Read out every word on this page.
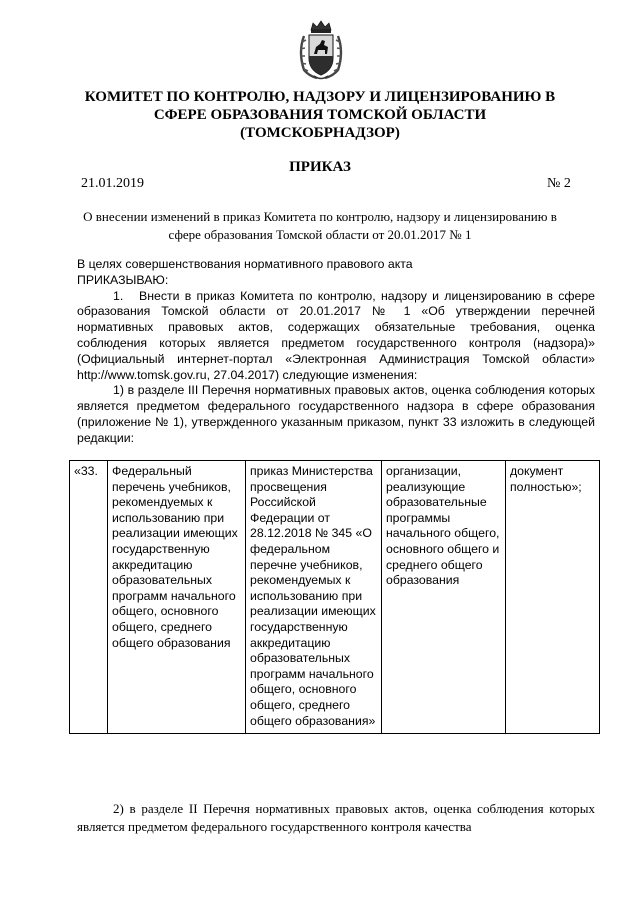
КОМИТЕТ ПО КОНТРОЛЮ, НАДЗОРУ И ЛИЦЕНЗИРОВАНИЮ В
СФЕРЕ ОБРАЗОВАНИЯ ТОМСКОЙ ОБЛАСТИ
(ТОМСКОБРНАДЗОР)
ПРИКАЗ
21.01.2019	№ 2
О внесении изменений в приказ Комитета по контролю, надзору и лицензированию в
сфере образования Томской области от 20.01.2017 № 1

В целях совершенствования нормативного правового акта

ПРИКАЗЫВАЮ:

1.   Внести в приказ Комитета по контролю, надзору и лицензированию в сфере образования Томской области от 20.01.2017 № 1 «Об утверждении перечней нормативных правовых актов, содержащих обязательные требования, оценка соблюдения которых является предметом государственного контроля (надзора)» (Официальный интернет-портал «Электронная Администрация Томской области» http://www.tomsk.gov.ru, 27.04.2017) следующие изменения:

1) в разделе III Перечня нормативных правовых актов, оценка соблюдения которых является предметом федерального государственного надзора в сфере образования (приложение № 1), утвержденного указанным приказом, пункт 33 изложить в следующей редакции:

«33.	Федеральный перечень учебников, рекомендуемых к использованию при реализации имеющих государственную аккредитацию образовательных программ начального общего, основного общего, среднего общего образования	приказ Министерства просвещения Российской Федерации от 28.12.2018 № 345 «О федеральном перечне учебников, рекомендуемых к использованию при реализации имеющих государственную аккредитацию образовательных программ начального общего, основного общего, среднего общего образования»	организации, реализующие образовательные программы начального общего, основного общего и среднего общего образования	документ полностью»;

2) в разделе II Перечня нормативных правовых актов, оценка соблюдения которых является предметом федерального государственного контроля качества
